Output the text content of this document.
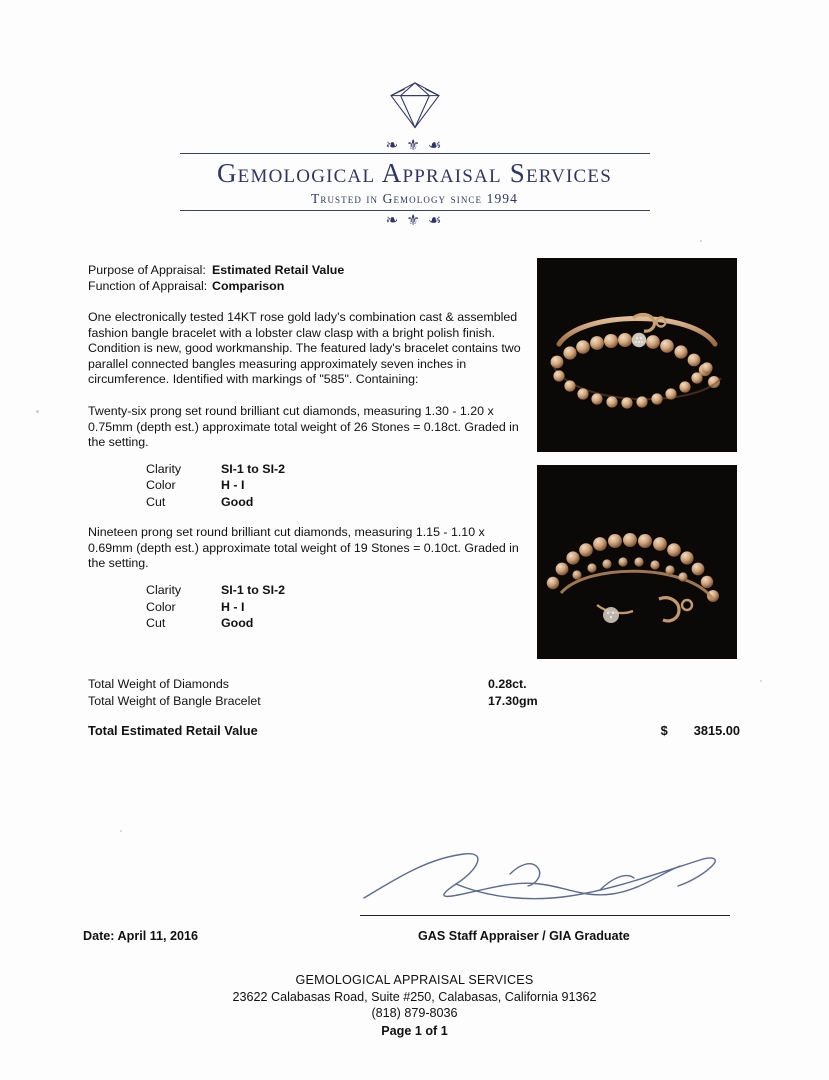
❧ ⚜ ☙
Gemological Appraisal Services
Trusted in Gemology since 1994
❧ ⚜ ☙
Purpose of Appraisal: Estimated Retail Value
Function of Appraisal: Comparison
One electronically tested 14KT rose gold lady's combination cast & assembled fashion bangle bracelet with a lobster claw clasp with a bright polish finish. Condition is new, good workmanship. The featured lady's bracelet contains two parallel connected bangles measuring approximately seven inches in circumference. Identified with markings of "585". Containing:
Twenty-six prong set round brilliant cut diamonds, measuring 1.30 - 1.20 x 0.75mm (depth est.) approximate total weight of 26 Stones = 0.18ct. Graded in the setting.
Clarity	SI-1 to SI-2
Color	H - I
Cut	Good
Nineteen prong set round brilliant cut diamonds, measuring 1.15 - 1.10 x 0.69mm (depth est.) approximate total weight of 19 Stones = 0.10ct. Graded in the setting.
Clarity	SI-1 to SI-2
Color	H - I
Cut	Good
Total Weight of Diamonds	0.28ct.
Total Weight of Bangle Bracelet	17.30gm
Total Estimated Retail Value	$ 3815.00
Date: April 11, 2016	GAS Staff Appraiser / GIA Graduate
GEMOLOGICAL APPRAISAL SERVICES
23622 Calabasas Road, Suite #250, Calabasas, California 91362
(818) 879-8036
Page 1 of 1
